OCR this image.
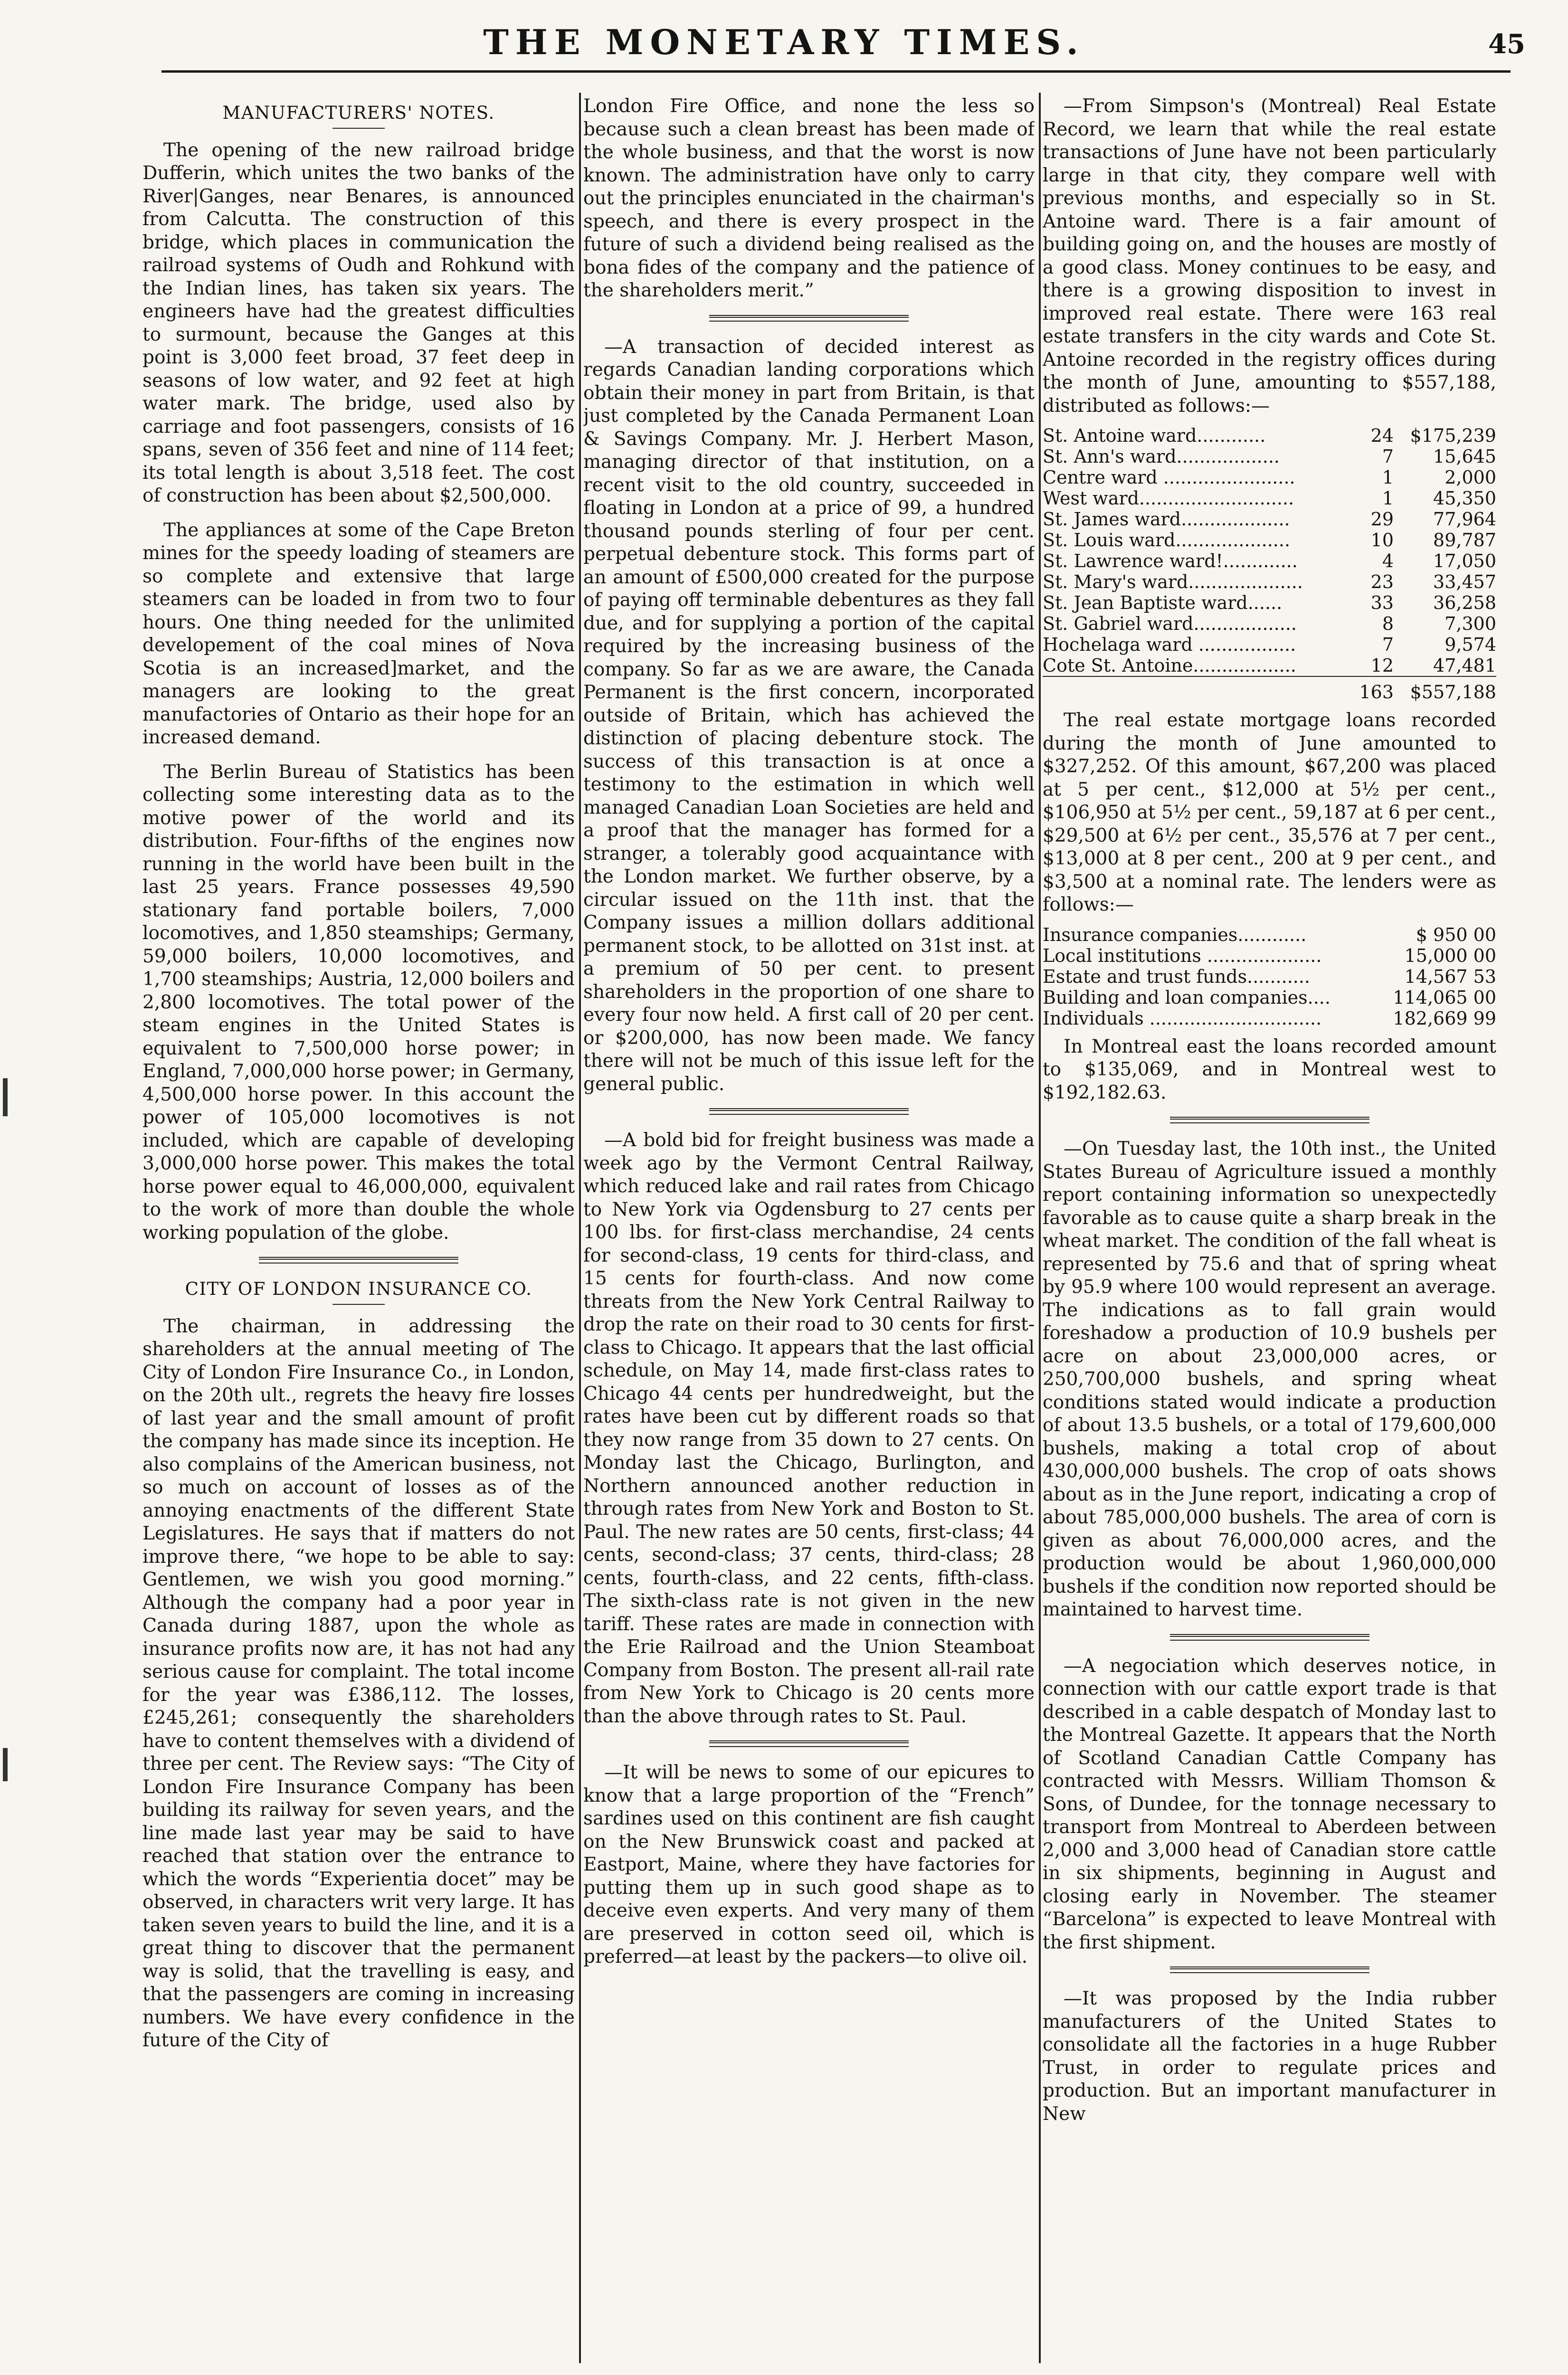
THE MONETARY TIMES.	45
MANUFACTURERS' NOTES.

The opening of the new railroad bridge Dufferin, which unites the two banks of the River|Ganges, near Benares, is announced from Calcutta. The construction of this bridge, which places in communication the railroad systems of Oudh and Rohkund with the Indian lines, has taken six years. The engineers have had the greatest difficulties to surmount, because the Ganges at this point is 3,000 feet broad, 37 feet deep in seasons of low water, and 92 feet at high water mark. The bridge, used also by carriage and foot passengers, consists of 16 spans, seven of 356 feet and nine of 114 feet; its total length is about 3,518 feet. The cost of construction has been about $2,500,000.

The appliances at some of the Cape Breton mines for the speedy loading of steamers are so complete and extensive that large steamers can be loaded in from two to four hours. One thing needed for the unlimited developement of the coal mines of Nova Scotia is an increased]market, and the managers are looking to the great manufactories of Ontario as their hope for an increased demand.

The Berlin Bureau of Statistics has been collecting some interesting data as to the motive power of the world and its distribution. Four-fifths of the engines now running in the world have been built in the last 25 years. France possesses 49,590 stationary fand portable boilers, 7,000 locomotives, and 1,850 steamships; Germany, 59,000 boilers, 10,000 locomotives, and 1,700 steamships; Austria, 12,000 boilers and 2,800 locomotives. The total power of the steam engines in the United States is equivalent to 7,500,000 horse power; in England, 7,000,000 horse power; in Germany, 4,500,000 horse power. In this account the power of 105,000 locomotives is not included, which are capable of developing 3,000,000 horse power. This makes the total horse power equal to 46,000,000, equivalent to the work of more than double the whole working population of the globe.

CITY OF LONDON INSURANCE CO.

The chairman, in addressing the shareholders at the annual meeting of The City of London Fire Insurance Co., in London, on the 20th ult., regrets the heavy fire losses of last year and the small amount of profit the company has made since its inception. He also complains of the American business, not so much on account of losses as of the annoying enactments of the different State Legislatures. He says that if matters do not improve there, “we hope to be able to say: Gentlemen, we wish you good morning.” Although the company had a poor year in Canada during 1887, upon the whole as insurance profits now are, it has not had any serious cause for complaint. The total income for the year was £386,112. The losses, £245,261; consequently the shareholders have to content themselves with a dividend of three per cent. The Review says: “The City of London Fire Insurance Company has been building its railway for seven years, and the line made last year may be said to have reached that station over the entrance to which the words “Experientia docet” may be observed, in characters writ very large. It has taken seven years to build the line, and it is a great thing to discover that the permanent way is solid, that the travelling is easy, and that the passengers are coming in increasing numbers. We have every confidence in the future of the City of

London Fire Office, and none the less so because such a clean breast has been made of the whole business, and that the worst is now known. The administration have only to carry out the principles enunciated in the chairman's speech, and there is every prospect in the future of such a dividend being realised as the bona fides of the company and the patience of the shareholders merit.”

—A transaction of decided interest as regards Canadian landing corporations which obtain their money in part from Britain, is that just completed by the Canada Permanent Loan & Savings Company. Mr. J. Herbert Mason, managing director of that institution, on a recent visit to the old country, succeeded in floating in London at a price of 99, a hundred thousand pounds sterling of four per cent. perpetual debenture stock. This forms part of an amount of £500,000 created for the purpose of paying off terminable debentures as they fall due, and for supplying a portion of the capital required by the increasing business of the company. So far as we are aware, the Canada Permanent is the first concern, incorporated outside of Britain, which has achieved the distinction of placing debenture stock. The success of this transaction is at once a testimony to the estimation in which well managed Canadian Loan Societies are held and a proof that the manager has formed for a stranger, a tolerably good acquaintance with the London market. We further observe, by a circular issued on the 11th inst. that the Company issues a million dollars additional permanent stock, to be allotted on 31st inst. at a premium of 50 per cent. to present shareholders in the proportion of one share to every four now held. A first call of 20 per cent. or $200,000, has now been made. We fancy there will not be much of this issue left for the general public.

—A bold bid for freight business was made a week ago by the Vermont Central Railway, which reduced lake and rail rates from Chicago to New York via Ogdensburg to 27 cents per 100 lbs. for first-class merchandise, 24 cents for second-class, 19 cents for third-class, and 15 cents for fourth-class. And now come threats from the New York Central Railway to drop the rate on their road to 30 cents for first-class to Chicago. It appears that the last official schedule, on May 14, made first-class rates to Chicago 44 cents per hundredweight, but the rates have been cut by different roads so that they now range from 35 down to 27 cents. On Monday last the Chicago, Burlington, and Northern announced another reduction in through rates from New York and Boston to St. Paul. The new rates are 50 cents, first-class; 44 cents, second-class; 37 cents, third-class; 28 cents, fourth-class, and 22 cents, fifth-class. The sixth-class rate is not given in the new tariff. These rates are made in connection with the Erie Railroad and the Union Steamboat Company from Boston. The present all-rail rate from New York to Chicago is 20 cents more than the above through rates to St. Paul.

—It will be news to some of our epicures to know that a large proportion of the “French” sardines used on this continent are fish caught on the New Brunswick coast and packed at Eastport, Maine, where they have factories for putting them up in such good shape as to deceive even experts. And very many of them are preserved in cotton seed oil, which is preferred—at least by the packers—to olive oil.

—From Simpson's (Montreal) Real Estate Record, we learn that while the real estate transactions of June have not been particularly large in that city, they compare well with previous months, and especially so in St. Antoine ward. There is a fair amount of building going on, and the houses are mostly of a good class. Money continues to be easy, and there is a growing disposition to invest in improved real estate. There were 163 real estate transfers in the city wards and Cote St. Antoine recorded in the registry offices during the month of June, amounting to $557,188, distributed as follows:—

St. Antoine ward............	24	$175,239
St. Ann's ward..................	7	15,645
Centre ward .......................	1	2,000
West ward...........................	1	45,350
St. James ward...................	29	77,964
St. Louis ward....................	10	89,787
St. Lawrence ward!.............	4	17,050
St. Mary's ward....................	23	33,457
St. Jean Baptiste ward......	33	36,258
St. Gabriel ward..................	8	7,300
Hochelaga ward .................	7	9,574
Cote St. Antoine..................	12	47,481
	163	$557,188

The real estate mortgage loans recorded during the month of June amounted to $327,252. Of this amount, $67,200 was placed at 5 per cent., $12,000 at 5½ per cent., $106,950 at 5½ per cent., 59,187 at 6 per cent., $29,500 at 6½ per cent., 35,576 at 7 per cent., $13,000 at 8 per cent., 200 at 9 per cent., and $3,500 at a nominal rate. The lenders were as follows:—

Insurance companies............	$ 950 00
Local institutions ....................	15,000 00
Estate and trust funds...........	14,567 53
Building and loan companies....	114,065 00
Individuals ..............................	182,669 99

In Montreal east the loans recorded amount to $135,069, and in Montreal west to $192,182.63.

—On Tuesday last, the 10th inst., the United States Bureau of Agriculture issued a monthly report containing information so unexpectedly favorable as to cause quite a sharp break in the wheat market. The condition of the fall wheat is represented by 75.6 and that of spring wheat by 95.9 where 100 would represent an average. The indications as to fall grain would foreshadow a production of 10.9 bushels per acre on about 23,000,000 acres, or 250,700,000 bushels, and spring wheat conditions stated would indicate a production of about 13.5 bushels, or a total of 179,600,000 bushels, making a total crop of about 430,000,000 bushels. The crop of oats shows about as in the June report, indicating a crop of about 785,000,000 bushels. The area of corn is given as about 76,000,000 acres, and the production would be about 1,960,000,000 bushels if the condition now reported should be maintained to harvest time.

—A negociation which deserves notice, in connection with our cattle export trade is that described in a cable despatch of Monday last to the Montreal Gazette. It appears that the North of Scotland Canadian Cattle Company has contracted with Messrs. William Thomson & Sons, of Dundee, for the tonnage necessary to transport from Montreal to Aberdeen between 2,000 and 3,000 head of Canadian store cattle in six shipments, beginning in August and closing early in November. The steamer “Barcelona” is expected to leave Montreal with the first shipment.

—It was proposed by the India rubber manufacturers of the United States to consolidate all the factories in a huge Rubber Trust, in order to regulate prices and production. But an important manufacturer in New
